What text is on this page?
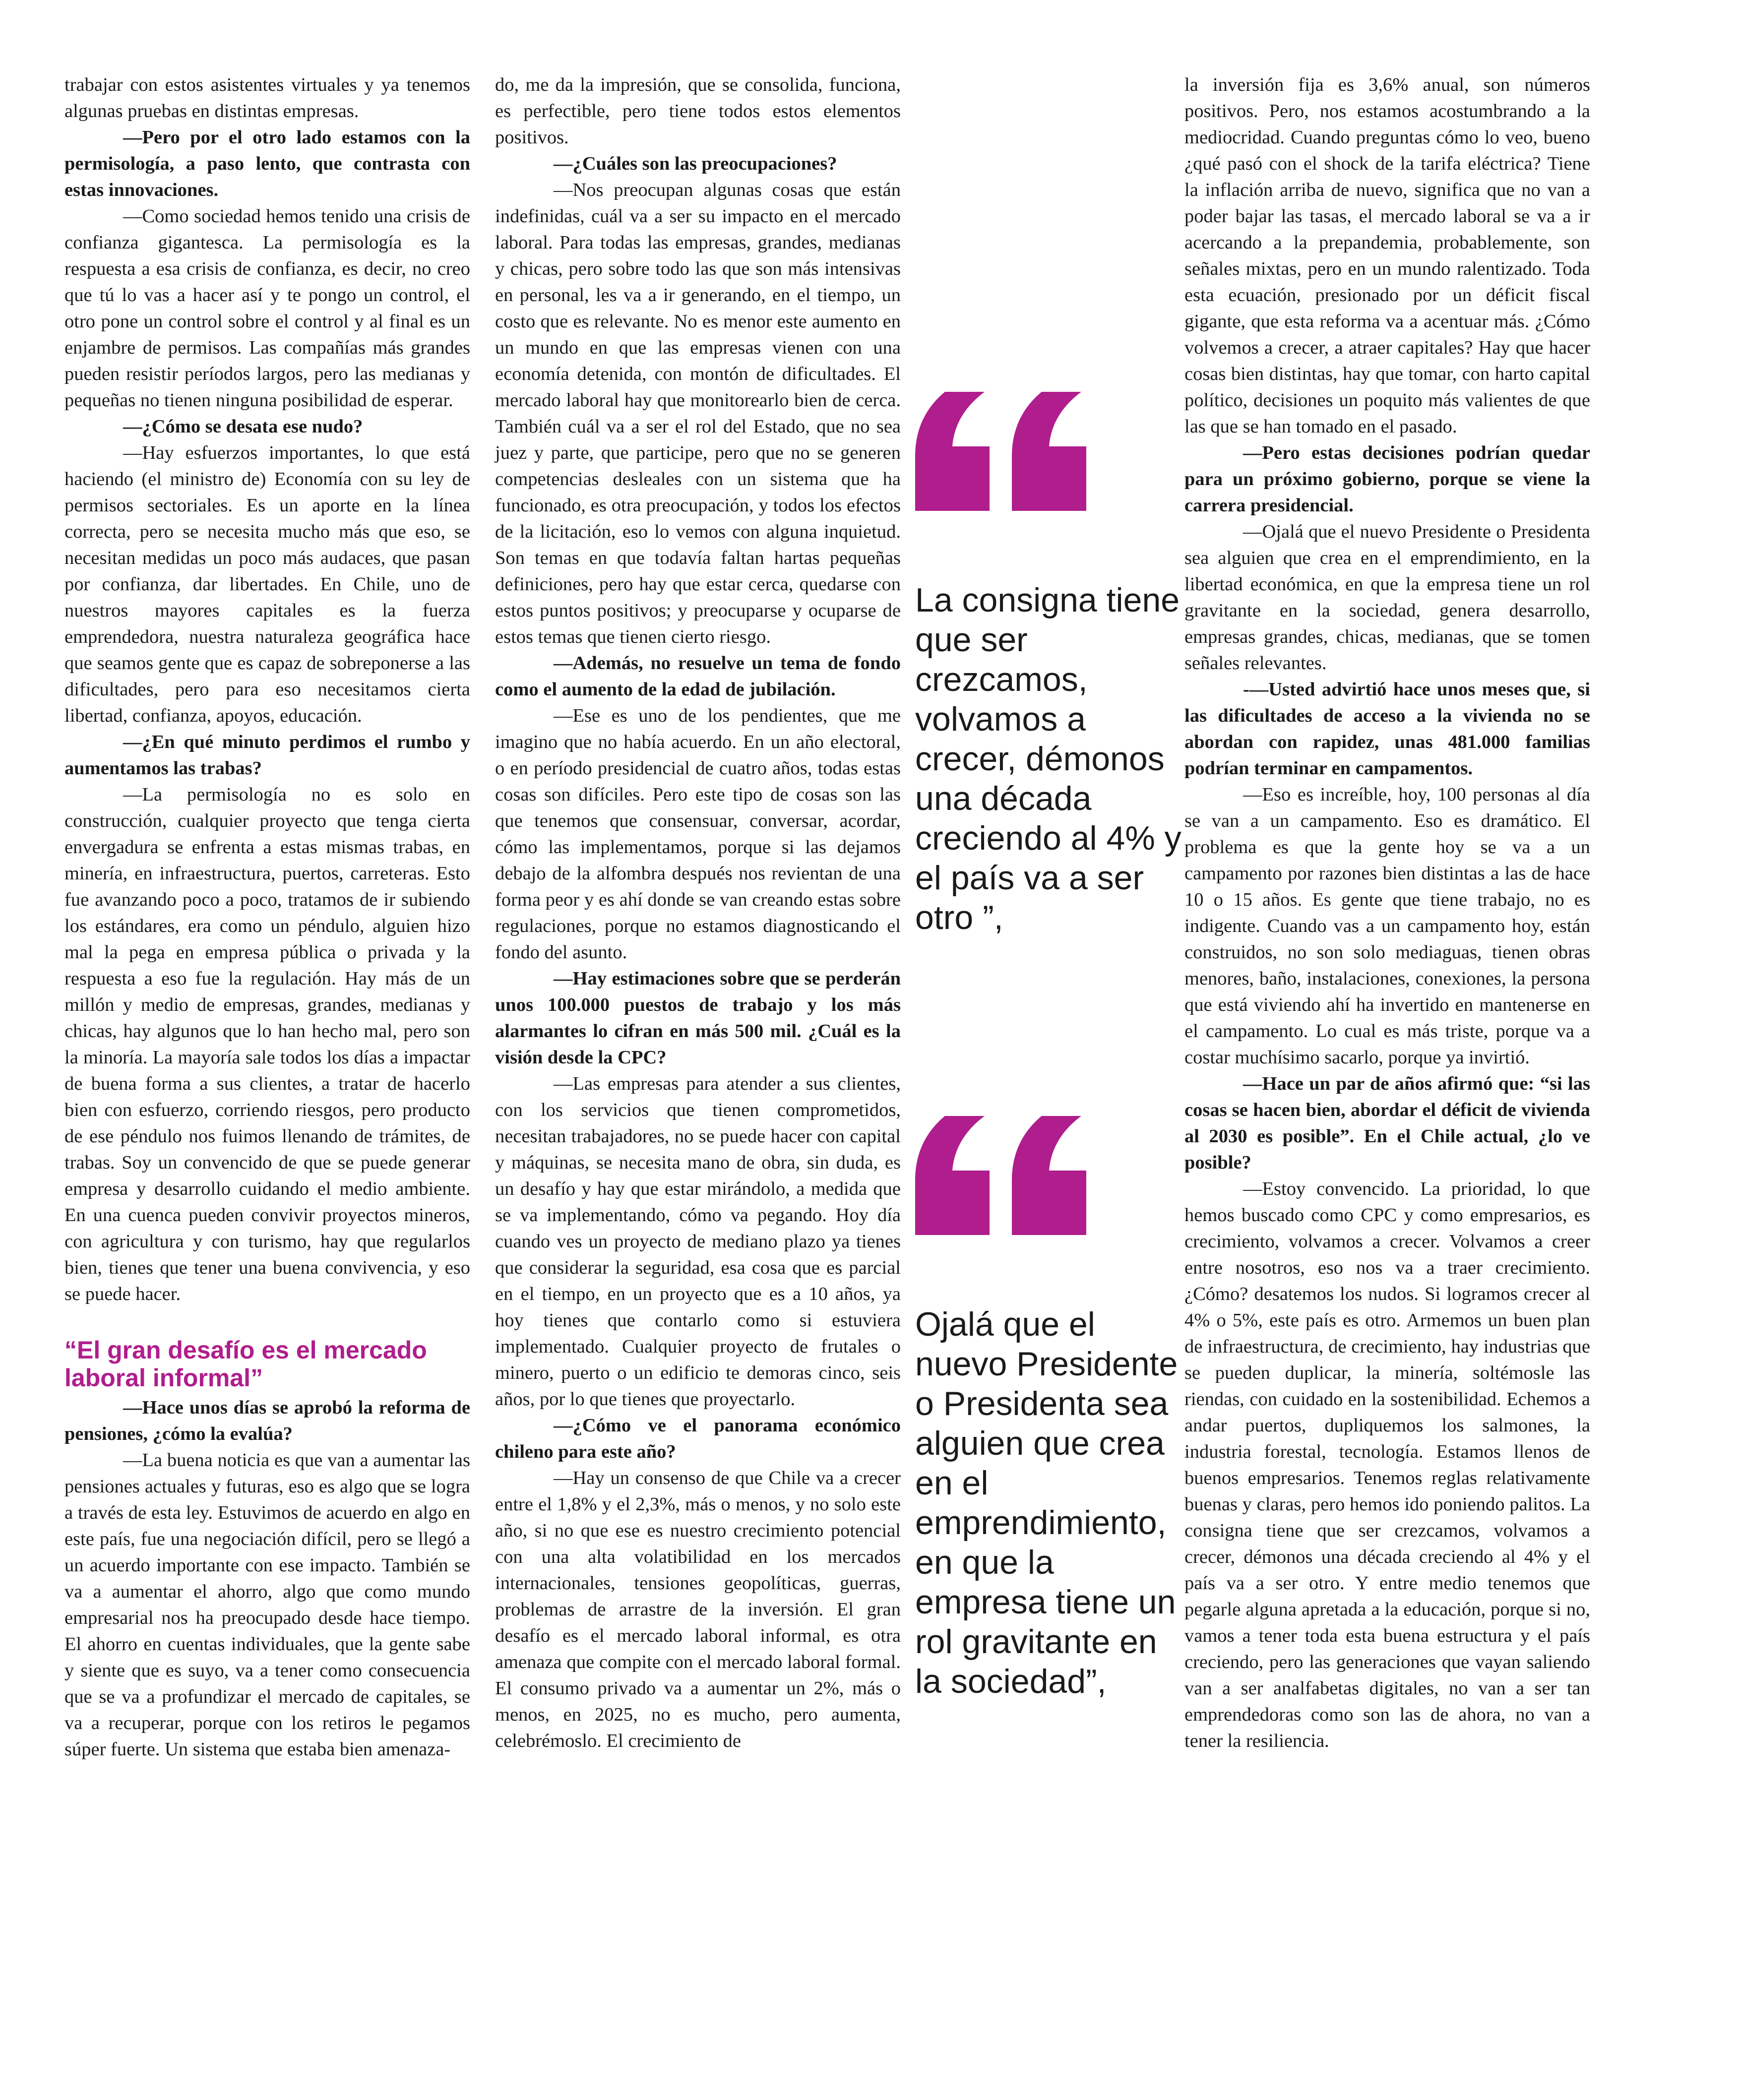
trabajar con estos asistentes virtuales y ya tenemos algunas pruebas en distintas empresas.

—Pero por el otro lado estamos con la permisología, a paso lento, que contrasta con estas innovaciones.

—Como sociedad hemos tenido una crisis de confianza gigantesca. La permisología es la respuesta a esa crisis de confianza, es decir, no creo que tú lo vas a hacer así y te pongo un control, el otro pone un control sobre el control y al final es un enjambre de permisos. Las compañías más grandes pueden resistir períodos largos, pero las medianas y pequeñas no tienen ninguna posibilidad de esperar.

—¿Cómo se desata ese nudo?

—Hay esfuerzos importantes, lo que está haciendo (el ministro de) Economía con su ley de permisos sectoriales. Es un aporte en la línea correcta, pero se necesita mucho más que eso, se necesitan medidas un poco más audaces, que pasan por confianza, dar libertades. En Chile, uno de nuestros mayores capitales es la fuerza emprendedora, nuestra naturaleza geográfica hace que seamos gente que es capaz de sobreponerse a las dificultades, pero para eso necesitamos cierta libertad, confianza, apoyos, educación.

—¿En qué minuto perdimos el rumbo y aumentamos las trabas?

—La permisología no es solo en construcción, cualquier proyecto que tenga cierta envergadura se enfrenta a estas mismas trabas, en minería, en infraestructura, puertos, carreteras. Esto fue avanzando poco a poco, tratamos de ir subiendo los estándares, era como un péndulo, alguien hizo mal la pega en empresa pública o privada y la respuesta a eso fue la regulación. Hay más de un millón y medio de empresas, grandes, medianas y chicas, hay algunos que lo han hecho mal, pero son la minoría. La mayoría sale todos los días a impactar de buena forma a sus clientes, a tratar de hacerlo bien con esfuerzo, corriendo riesgos, pero producto de ese péndulo nos fuimos llenando de trámites, de trabas. Soy un convencido de que se puede generar empresa y desarrollo cuidando el medio ambiente. En una cuenca pueden convivir proyectos mineros, con agricultura y con turismo, hay que regularlos bien, tienes que tener una buena convivencia, y eso se puede hacer.

“El gran desafío es el mercado laboral informal”

—Hace unos días se aprobó la reforma de pensiones, ¿cómo la evalúa?

—La buena noticia es que van a aumentar las pensiones actuales y futuras, eso es algo que se logra a través de esta ley. Estuvimos de acuerdo en algo en este país, fue una negociación difícil, pero se llegó a un acuerdo importante con ese impacto. También se va a aumentar el ahorro, algo que como mundo empresarial nos ha preocupado desde hace tiempo. El ahorro en cuentas individuales, que la gente sabe y siente que es suyo, va a tener como consecuencia que se va a profundizar el mercado de capitales, se va a recuperar, porque con los retiros le pegamos súper fuerte. Un sistema que estaba bien amenaza-

do, me da la impresión, que se consolida, funciona, es perfectible, pero tiene todos estos elementos positivos.

—¿Cuáles son las preocupaciones?

—Nos preocupan algunas cosas que están indefinidas, cuál va a ser su impacto en el mercado laboral. Para todas las empresas, grandes, medianas y chicas, pero sobre todo las que son más intensivas en personal, les va a ir generando, en el tiempo, un costo que es relevante. No es menor este aumento en un mundo en que las empresas vienen con una economía detenida, con montón de dificultades. El mercado laboral hay que monitorearlo bien de cerca. También cuál va a ser el rol del Estado, que no sea juez y parte, que participe, pero que no se generen competencias desleales con un sistema que ha funcionado, es otra preocupación, y todos los efectos de la licitación, eso lo vemos con alguna inquietud. Son temas en que todavía faltan hartas pequeñas definiciones, pero hay que estar cerca, quedarse con estos puntos positivos; y preocuparse y ocuparse de estos temas que tienen cierto riesgo.

—Además, no resuelve un tema de fondo como el aumento de la edad de jubilación.

—Ese es uno de los pendientes, que me imagino que no había acuerdo. En un año electoral, o en período presidencial de cuatro años, todas estas cosas son difíciles. Pero este tipo de cosas son las que tenemos que consensuar, conversar, acordar, cómo las implementamos, porque si las dejamos debajo de la alfombra después nos revientan de una forma peor y es ahí donde se van creando estas sobre regulaciones, porque no estamos diagnosticando el fondo del asunto.

—Hay estimaciones sobre que se perderán unos 100.000 puestos de trabajo y los más alarmantes lo cifran en más 500 mil. ¿Cuál es la visión desde la CPC?

—Las empresas para atender a sus clientes, con los servicios que tienen comprometidos, necesitan trabajadores, no se puede hacer con capital y máquinas, se necesita mano de obra, sin duda, es un desafío y hay que estar mirándolo, a medida que se va implementando, cómo va pegando. Hoy día cuando ves un proyecto de mediano plazo ya tienes que considerar la seguridad, esa cosa que es parcial en el tiempo, en un proyecto que es a 10 años, ya hoy tienes que contarlo como si estuviera implementado. Cualquier proyecto de frutales o minero, puerto o un edificio te demoras cinco, seis años, por lo que tienes que proyectarlo.

—¿Cómo ve el panorama económico chileno para este año?

—Hay un consenso de que Chile va a crecer entre el 1,8% y el 2,3%, más o menos, y no solo este año, si no que ese es nuestro crecimiento potencial con una alta volatibilidad en los mercados internacionales, tensiones geopolíticas, guerras, problemas de arrastre de la inversión. El gran desafío es el mercado laboral informal, es otra amenaza que compite con el mercado laboral formal. El consumo privado va a aumentar un 2%, más o menos, en 2025, no es mucho, pero aumenta, celebrémoslo. El crecimiento de

La consigna tiene que ser crezcamos, volvamos a crecer, démonos una década creciendo al 4% y el país va a ser otro ”,
Ojalá que el nuevo Presidente o Presidenta sea alguien que crea en el emprendimiento, en que la empresa tiene un rol gravitante en la sociedad”,

la inversión fija es 3,6% anual, son números positivos. Pero, nos estamos acostumbrando a la mediocridad. Cuando preguntas cómo lo veo, bueno ¿qué pasó con el shock de la tarifa eléctrica? Tiene la inflación arriba de nuevo, significa que no van a poder bajar las tasas, el mercado laboral se va a ir acercando a la prepandemia, probablemente, son señales mixtas, pero en un mundo ralentizado. Toda esta ecuación, presionado por un déficit fiscal gigante, que esta reforma va a acentuar más. ¿Cómo volvemos a crecer, a atraer capitales? Hay que hacer cosas bien distintas, hay que tomar, con harto capital político, decisiones un poquito más valientes de que las que se han tomado en el pasado.

—Pero estas decisiones podrían quedar para un próximo gobierno, porque se viene la carrera presidencial.

—Ojalá que el nuevo Presidente o Presidenta sea alguien que crea en el emprendimiento, en la libertad económica, en que la empresa tiene un rol gravitante en la sociedad, genera desarrollo, empresas grandes, chicas, medianas, que se tomen señales relevantes.

-—Usted advirtió hace unos meses que, si las dificultades de acceso a la vivienda no se abordan con rapidez, unas 481.000 familias podrían terminar en campamentos.

—Eso es increíble, hoy, 100 personas al día se van a un campamento. Eso es dramático. El problema es que la gente hoy se va a un campamento por razones bien distintas a las de hace 10 o 15 años. Es gente que tiene trabajo, no es indigente. Cuando vas a un campamento hoy, están construidos, no son solo mediaguas, tienen obras menores, baño, instalaciones, conexiones, la persona que está viviendo ahí ha invertido en mantenerse en el campamento. Lo cual es más triste, porque va a costar muchísimo sacarlo, porque ya invirtió.

—Hace un par de años afirmó que: “si las cosas se hacen bien, abordar el déficit de vivienda al 2030 es posible”. En el Chile actual, ¿lo ve posible?

—Estoy convencido. La prioridad, lo que hemos buscado como CPC y como empresarios, es crecimiento, volvamos a crecer. Volvamos a creer entre nosotros, eso nos va a traer crecimiento. ¿Cómo? desatemos los nudos. Si logramos crecer al 4% o 5%, este país es otro. Armemos un buen plan de infraestructura, de crecimiento, hay industrias que se pueden duplicar, la minería, soltémosle las riendas, con cuidado en la sostenibilidad. Echemos a andar puertos, dupliquemos los salmones, la industria forestal, tecnología. Estamos llenos de buenos empresarios. Tenemos reglas relativamente buenas y claras, pero hemos ido poniendo palitos. La consigna tiene que ser crezcamos, volvamos a crecer, démonos una década creciendo al 4% y el país va a ser otro. Y entre medio tenemos que pegarle alguna apretada a la educación, porque si no, vamos a tener toda esta buena estructura y el país creciendo, pero las generaciones que vayan saliendo van a ser analfabetas digitales, no van a ser tan emprendedoras como son las de ahora, no van a tener la resiliencia.
